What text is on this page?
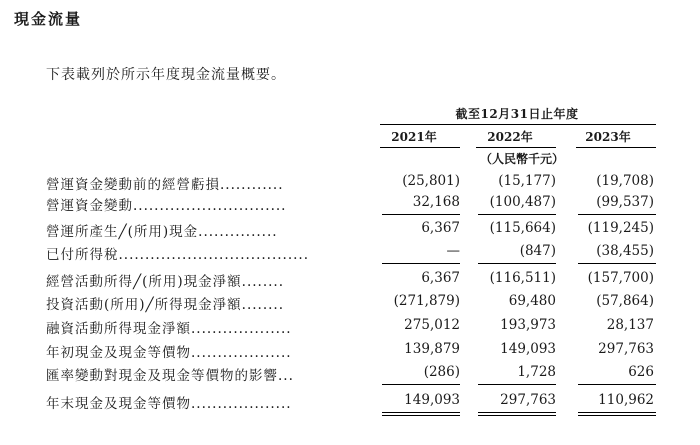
現金流量
下表載列於所示年度現金流量概要。
截至12月31日止年度
2021年	2022年	2023年
（人民幣千元）
營運資金變動前的經營虧損............	(25,801)	(15,177)	(19,708)
營運資金變動.............................	32,168	(100,487)	(99,537)
營運所產生╱(所用)現金...............	6,367	(115,664)	(119,245)
已付所得稅....................................	—	(847)	(38,455)
經營活動所得╱(所用)現金淨額........	6,367	(116,511)	(157,700)
投資活動(所用)╱所得現金淨額........	(271,879)	69,480	(57,864)
融資活動所得現金淨額...................	275,012	193,973	28,137
年初現金及現金等價物...................	139,879	149,093	297,763
匯率變動對現金及現金等價物的影響...	(286)	1,728	626
年末現金及現金等價物...................	149,093	297,763	110,962
